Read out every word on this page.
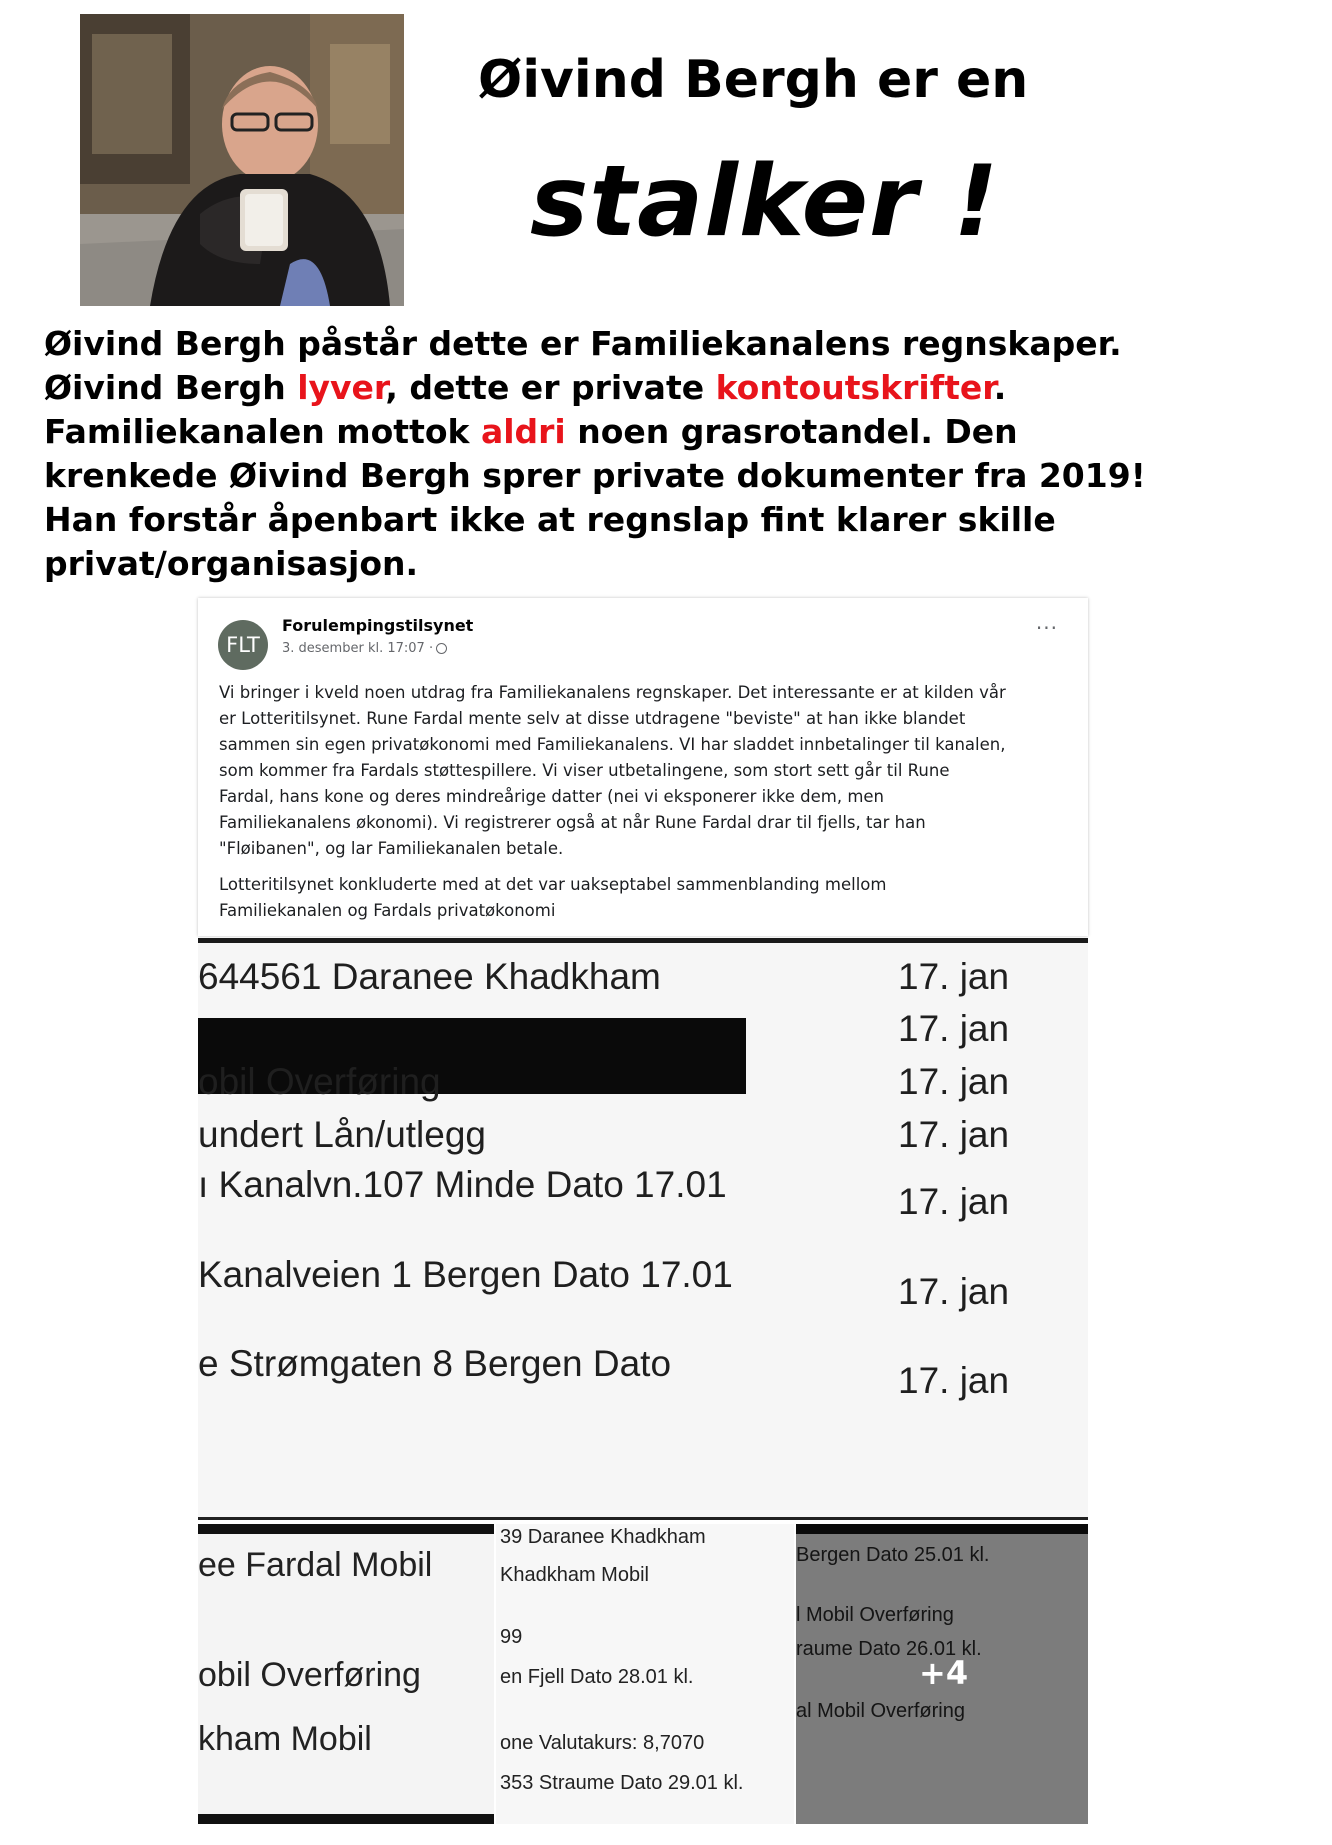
Øivind Bergh er en
stalker !

Øivind Bergh påstår dette er Familiekanalens regnskaper.

Øivind Bergh lyver, dette er private kontoutskrifter.

Familiekanalen mottok aldri noen grasrotandel. Den

krenkede Øivind Bergh sprer private dokumenter fra 2019!

Han forstår åpenbart ikke at regnslap fint klarer skille

privat/organisasjon.

FLT
Forulempingstilsynet
3. desember kl. 17:07 ·
···

Vi bringer i kveld noen utdrag fra Familiekanalens regnskaper. Det interessante er at kilden vår
er Lotteritilsynet. Rune Fardal mente selv at disse utdragene "beviste" at han ikke blandet
sammen sin egen privatøkonomi med Familiekanalens. VI har sladdet innbetalinger til kanalen,
som kommer fra Fardals støttespillere. Vi viser utbetalingene, som stort sett går til Rune
Fardal, hans kone og deres mindreårige datter (nei vi eksponerer ikke dem, men
Familiekanalens økonomi). Vi registrerer også at når Rune Fardal drar til fjells, tar han
"Fløibanen", og lar Familiekanalen betale.

Lotteritilsynet konkluderte med at det var uakseptabel sammenblanding mellom
Familiekanalen og Fardals privatøkonomi

644561 Daranee Khadkham	17. jan
17. jan
obil Overføring	17. jan
undert Lån/utlegg	17. jan
ı Kanalvn.107 Minde Dato 17.01	17. jan
Kanalveien 1 Bergen Dato 17.01	17. jan
e Strømgaten 8 Bergen Dato	17. jan
ee Fardal Mobil
obil Overføring
kham Mobil
39 Daranee Khadkham
Khadkham Mobil
99
en Fjell Dato 28.01 kl.
one Valutakurs: 8,7070
353 Straume Dato 29.01 kl.
Bergen Dato 25.01 kl.
l Mobil Overføring
raume Dato 26.01 kl.
al Mobil Overføring
+4
